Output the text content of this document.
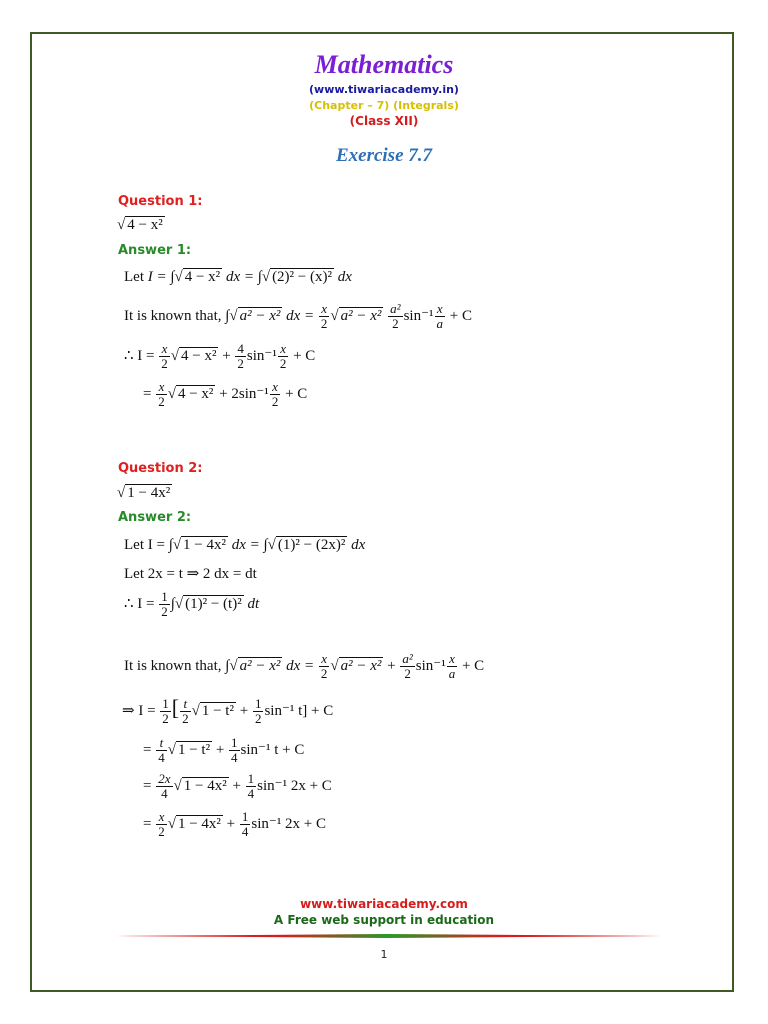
Mathematics
(www.tiwariacademy.in)
(Chapter – 7) (Integrals)
(Class XII)
Exercise 7.7
Question 1:
√ 4 − x²
Answer 1:
Let I = ∫√ 4 − x² dx = ∫√ (2)² − (x)² dx
It is known that, ∫√ a² − x² dx = $\frac{x}{2}$ √ $a^2 - x^2 \frac{\text{a²}}{2} \sin^{-1} \frac{x}{a} + C$
∴ $I = \frac{x}{2}$ √ $4 - x^2 + \frac{4}{2} \sin^{-1} \frac{x}{2} + C$
= $\frac{x}{2}$ √ $4 - x^2 + 2\sin^{-1} \frac{x}{2} + C$
Question 2:
√ 1 − 4x²
Answer 2:
Let I = ∫√ 1 − 4x² dx = ∫√ (1)² − (2x)² dx
Let 2x = t ⇒ 2 dx = dt
∴ $I = \frac{1}{2}$ ∫√ (1)² − (t)² dt
It is known that, ∫√ a² − x² dx = $\frac{x}{2}$ √ $a^2 - x^2 + \frac{\text{a²}}{2} \sin^{-1} \frac{x}{a} + C$
⇒ $I = \frac{1}{2}$ [ $\frac{t}{2}$ √ $1 - t^2 + \frac{1}{2} \sin^{-1}$ t] + C
= $\frac{t}{4}$ √ $1 - t^2 + \frac{1}{4} \sin^{-1}$ t + C
= $\frac{2x}{4}$ √ $1 - 4x^2 + \frac{1}{4} \sin^{-1}$ 2x + C
= $\frac{x}{2}$ √ $1 - 4x^2 + \frac{1}{4} \sin^{-1}$ 2x + C
www.tiwariacademy.com
A Free web support in education
1
